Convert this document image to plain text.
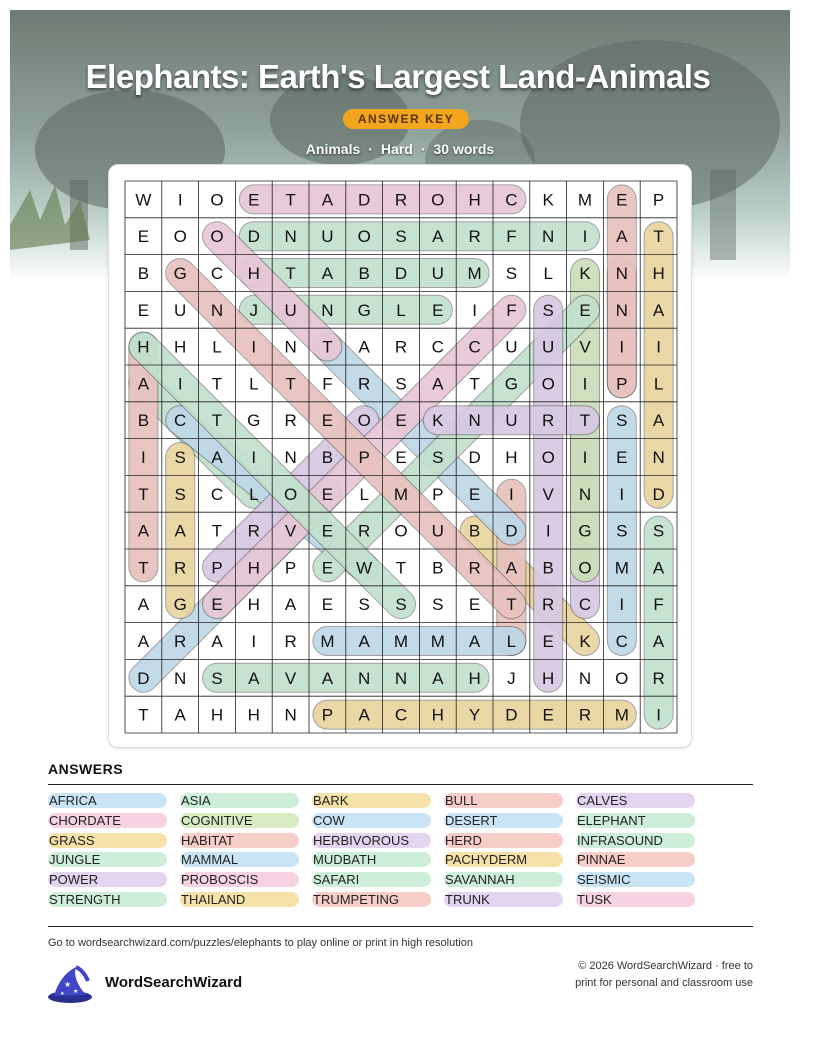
Elephants: Earth's Largest Land-Animals
ANSWER KEY
Animals · Hard · 30 words
W I O E T A D R O H C K M E P
E O O D N U O S A R F N I A T
B G C H T A B D U M S L K N H
E U N J U N G L E I F S E N A
H H L I N T A R C C U U V I I
A I T L T F R S A T G O I P L
B C T G R E O E K N U R T S A
I S A I N B P E S D H O I E N
T S C L O E L M P E I V N I D
A A T R V E R O U B D I G S S
T R P H P E W T B R A B O M A
A G E H A E S S S E T R C I F
A R A I R M A M M A L E K C A
D N S A V A N N A H J H N O R
T A H H N P A C H Y D E R M I
ANSWERS
AFRICA	ASIA	BARK	BULL	CALVES
CHORDATE	COGNITIVE	COW	DESERT	ELEPHANT
GRASS	HABITAT	HERBIVOROUS	HERD	INFRASOUND
JUNGLE	MAMMAL	MUDBATH	PACHYDERM	PINNAE
POWER	PROBOSCIS	SAFARI	SAVANNAH	SEISMIC
STRENGTH	THAILAND	TRUMPETING	TRUNK	TUSK
Go to wordsearchwizard.com/puzzles/elephants to play online or print in high resolution
★
★
★
WordSearchWizard
© 2026 WordSearchWizard · free to print for personal and classroom use
